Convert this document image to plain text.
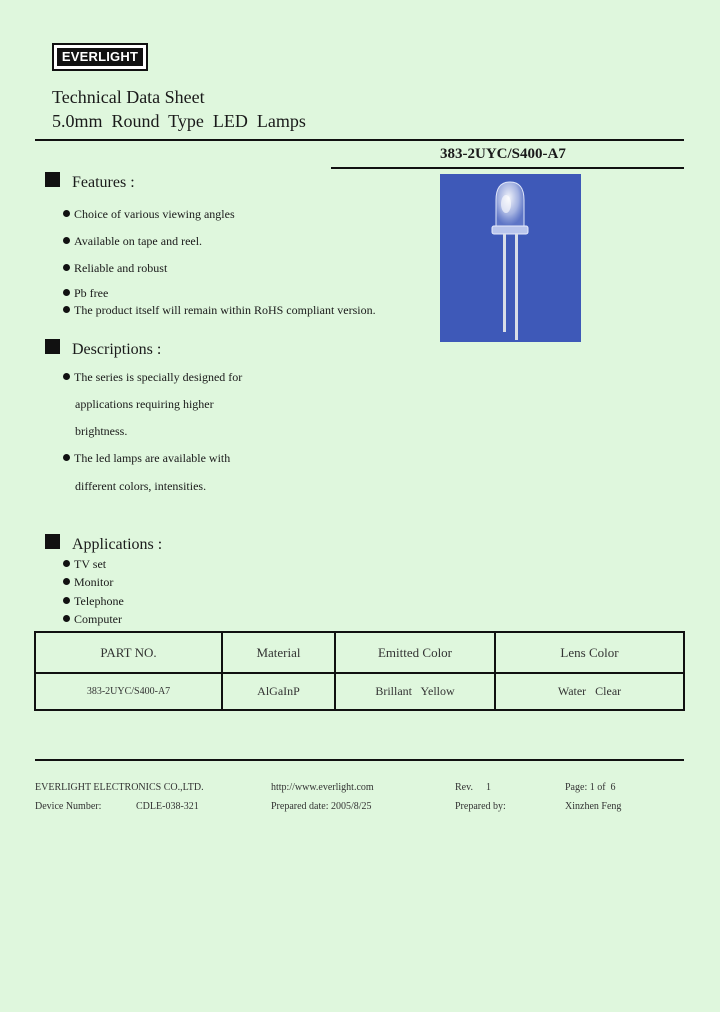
EVERLIGHT
Technical Data Sheet
5.0mm  Round  Type  LED  Lamps
383-2UYC/S400-A7
Features :
Choice of various viewing angles
Available on tape and reel.
Reliable and robust
Pb free
The product itself will remain within RoHS compliant version.
Descriptions :
The series is specially designed for
applications requiring higher
brightness.
The led lamps are available with
different colors, intensities.
Applications :
TV set
Monitor
Telephone
Computer
PART NO.	Material	Emitted Color	Lens Color
383-2UYC/S400-A7	AlGaInP	Brillant   Yellow	Water   Clear
EVERLIGHT ELECTRONICS CO.,LTD.	http://www.everlight.com	Rev. 1	Page: 1 of  6
Device Number:	CDLE-038-321	Prepared date: 2005/8/25	Prepared by:	Xinzhen Feng
